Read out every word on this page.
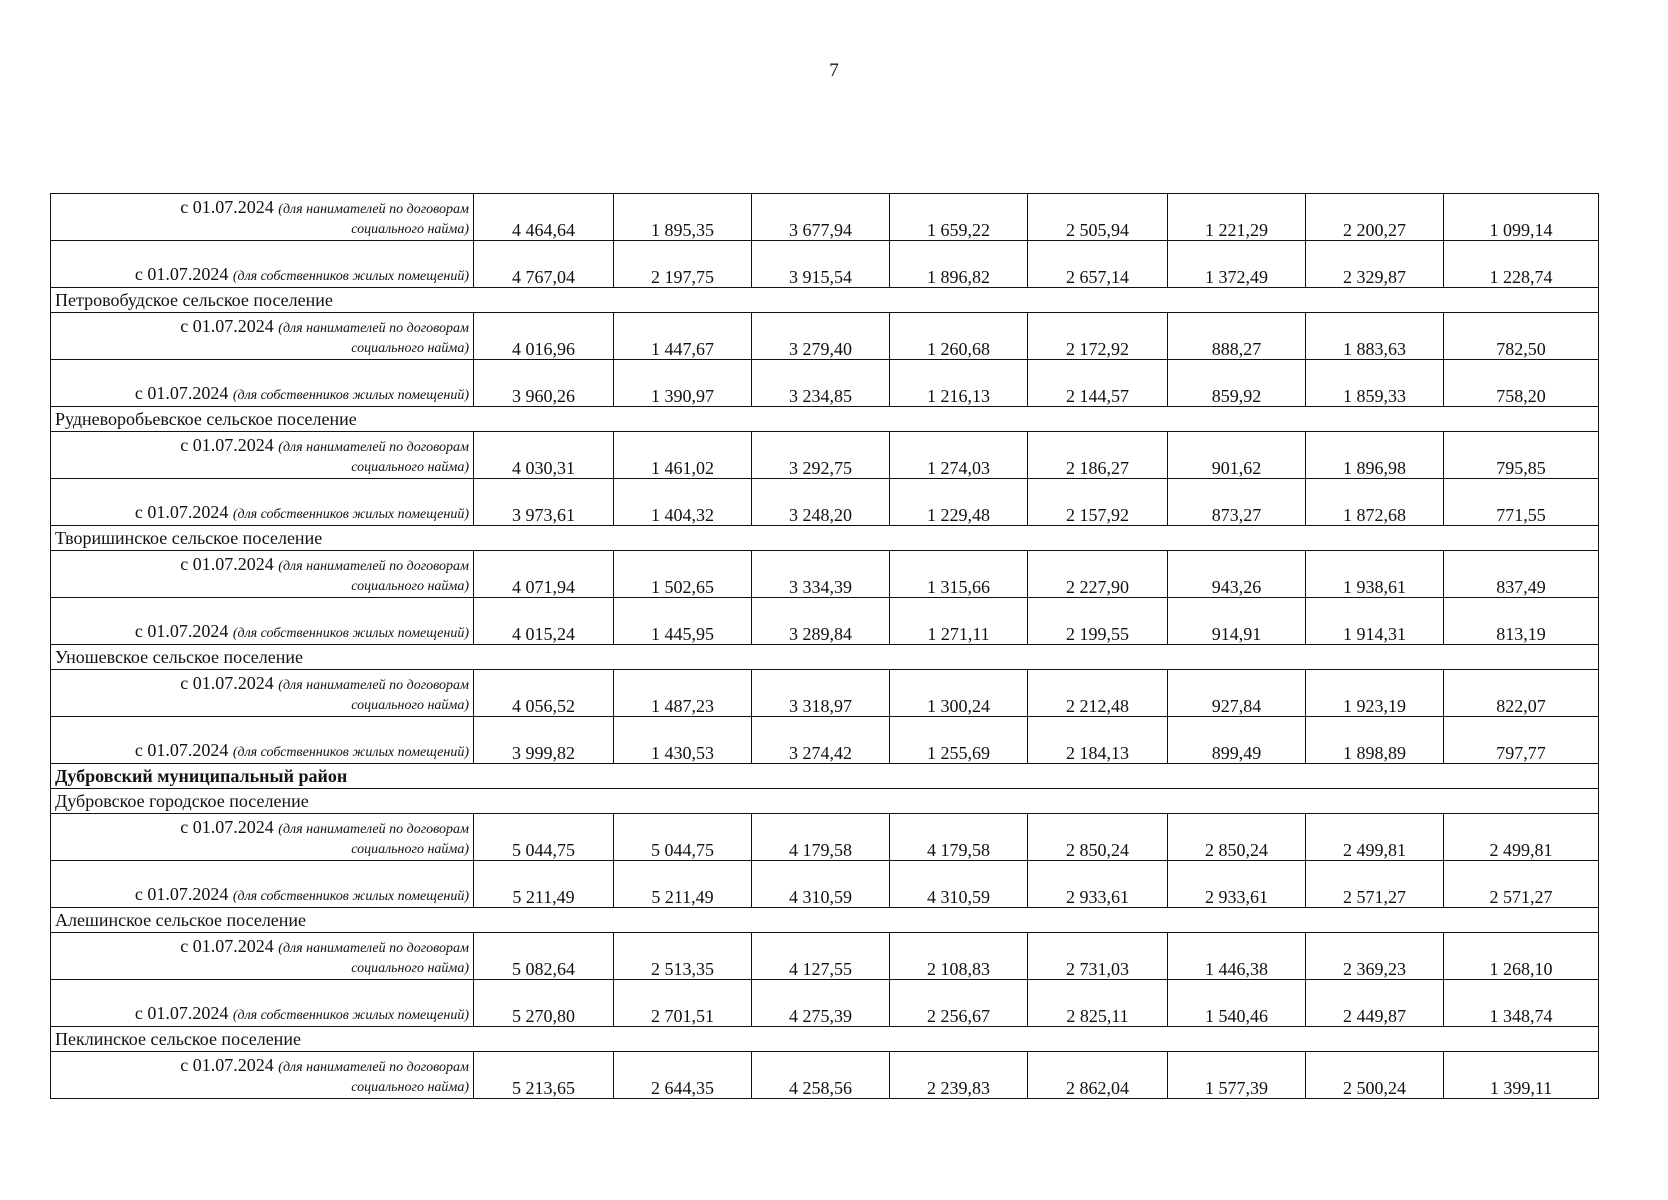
7
с 01.07.2024 (для нанимателей по договорам
социального найма)	4 464,64	1 895,35	3 677,94	1 659,22	2 505,94	1 221,29	2 200,27	1 099,14

с 01.07.2024 (для собственников жилых помещений)	4 767,04	2 197,75	3 915,54	1 896,82	2 657,14	1 372,49	2 329,87	1 228,74
Петровобудское сельское поселение								

с 01.07.2024 (для нанимателей по договорам
социального найма)	4 016,96	1 447,67	3 279,40	1 260,68	2 172,92	888,27	1 883,63	782,50

с 01.07.2024 (для собственников жилых помещений)	3 960,26	1 390,97	3 234,85	1 216,13	2 144,57	859,92	1 859,33	758,20
Рудневоробьевское сельское поселение								

с 01.07.2024 (для нанимателей по договорам
социального найма)	4 030,31	1 461,02	3 292,75	1 274,03	2 186,27	901,62	1 896,98	795,85

с 01.07.2024 (для собственников жилых помещений)	3 973,61	1 404,32	3 248,20	1 229,48	2 157,92	873,27	1 872,68	771,55
Творишинское сельское поселение								

с 01.07.2024 (для нанимателей по договорам
социального найма)	4 071,94	1 502,65	3 334,39	1 315,66	2 227,90	943,26	1 938,61	837,49

с 01.07.2024 (для собственников жилых помещений)	4 015,24	1 445,95	3 289,84	1 271,11	2 199,55	914,91	1 914,31	813,19
Уношевское сельское поселение								

с 01.07.2024 (для нанимателей по договорам
социального найма)	4 056,52	1 487,23	3 318,97	1 300,24	2 212,48	927,84	1 923,19	822,07

с 01.07.2024 (для собственников жилых помещений)	3 999,82	1 430,53	3 274,42	1 255,69	2 184,13	899,49	1 898,89	797,77
Дубровский муниципальный район								
Дубровское городское поселение								

с 01.07.2024 (для нанимателей по договорам
социального найма)	5 044,75	5 044,75	4 179,58	4 179,58	2 850,24	2 850,24	2 499,81	2 499,81

с 01.07.2024 (для собственников жилых помещений)	5 211,49	5 211,49	4 310,59	4 310,59	2 933,61	2 933,61	2 571,27	2 571,27
Алешинское сельское поселение								

с 01.07.2024 (для нанимателей по договорам
социального найма)	5 082,64	2 513,35	4 127,55	2 108,83	2 731,03	1 446,38	2 369,23	1 268,10

с 01.07.2024 (для собственников жилых помещений)	5 270,80	2 701,51	4 275,39	2 256,67	2 825,11	1 540,46	2 449,87	1 348,74
Пеклинское сельское поселение								

с 01.07.2024 (для нанимателей по договорам
социального найма)	5 213,65	2 644,35	4 258,56	2 239,83	2 862,04	1 577,39	2 500,24	1 399,11
